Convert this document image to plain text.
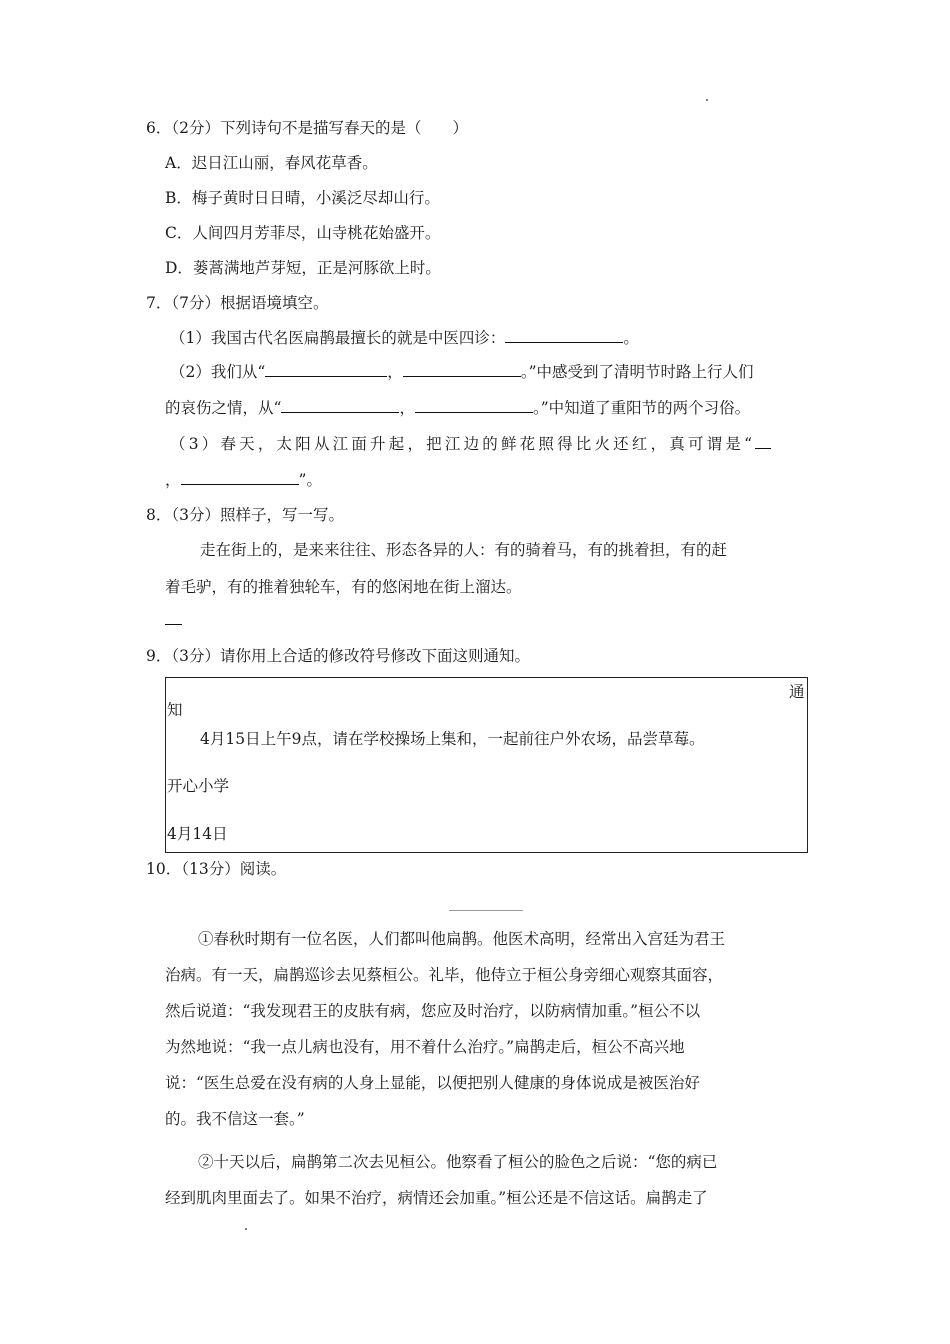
6．（2分）下列诗句不是描写春天的是（　　）
A．迟日江山丽，春风花草香。
B．梅子黄时日日晴，小溪泛尽却山行。
C．人间四月芳菲尽，山寺桃花始盛开。
D．蒌蒿满地芦芽短，正是河豚欲上时。
7．（7分）根据语境填空。
（1）我国古代名医扁鹊最擅长的就是中医四诊：	。
（2）我们从“	，	。”中感受到了清明节时路上行人们
的哀伤之情，从“	，	。”中知道了重阳节的两个习俗。
（3）春天，太阳从江面升起，把江边的鲜花照得比火还红，真可谓是“
，	”。
8．（3分）照样子，写一写。
走在街上的，是来来往往、形态各异的人：有的骑着马，有的挑着担，有的赶
着毛驴，有的推着独轮车，有的悠闲地在街上溜达。
9．（3分）请你用上合适的修改符号修改下面这则通知。
通
知
4月15日上午9点，请在学校操场上集和，一起前往户外农场，品尝草莓。
开心小学
4月14日
10．（13分）阅读。
①春秋时期有一位名医，人们都叫他扁鹊。他医术高明，经常出入宫廷为君王
治病。有一天，扁鹊巡诊去见蔡桓公。礼毕，他侍立于桓公身旁细心观察其面容，
然后说道：“我发现君王的皮肤有病，您应及时治疗，以防病情加重。”桓公不以
为然地说：“我一点儿病也没有，用不着什么治疗。”扁鹊走后，桓公不高兴地
说：“医生总爱在没有病的人身上显能，以便把别人健康的身体说成是被医治好
的。我不信这一套。”
②十天以后，扁鹊第二次去见桓公。他察看了桓公的脸色之后说：“您的病已
经到肌肉里面去了。如果不治疗，病情还会加重。”桓公还是不信这话。扁鹊走了
